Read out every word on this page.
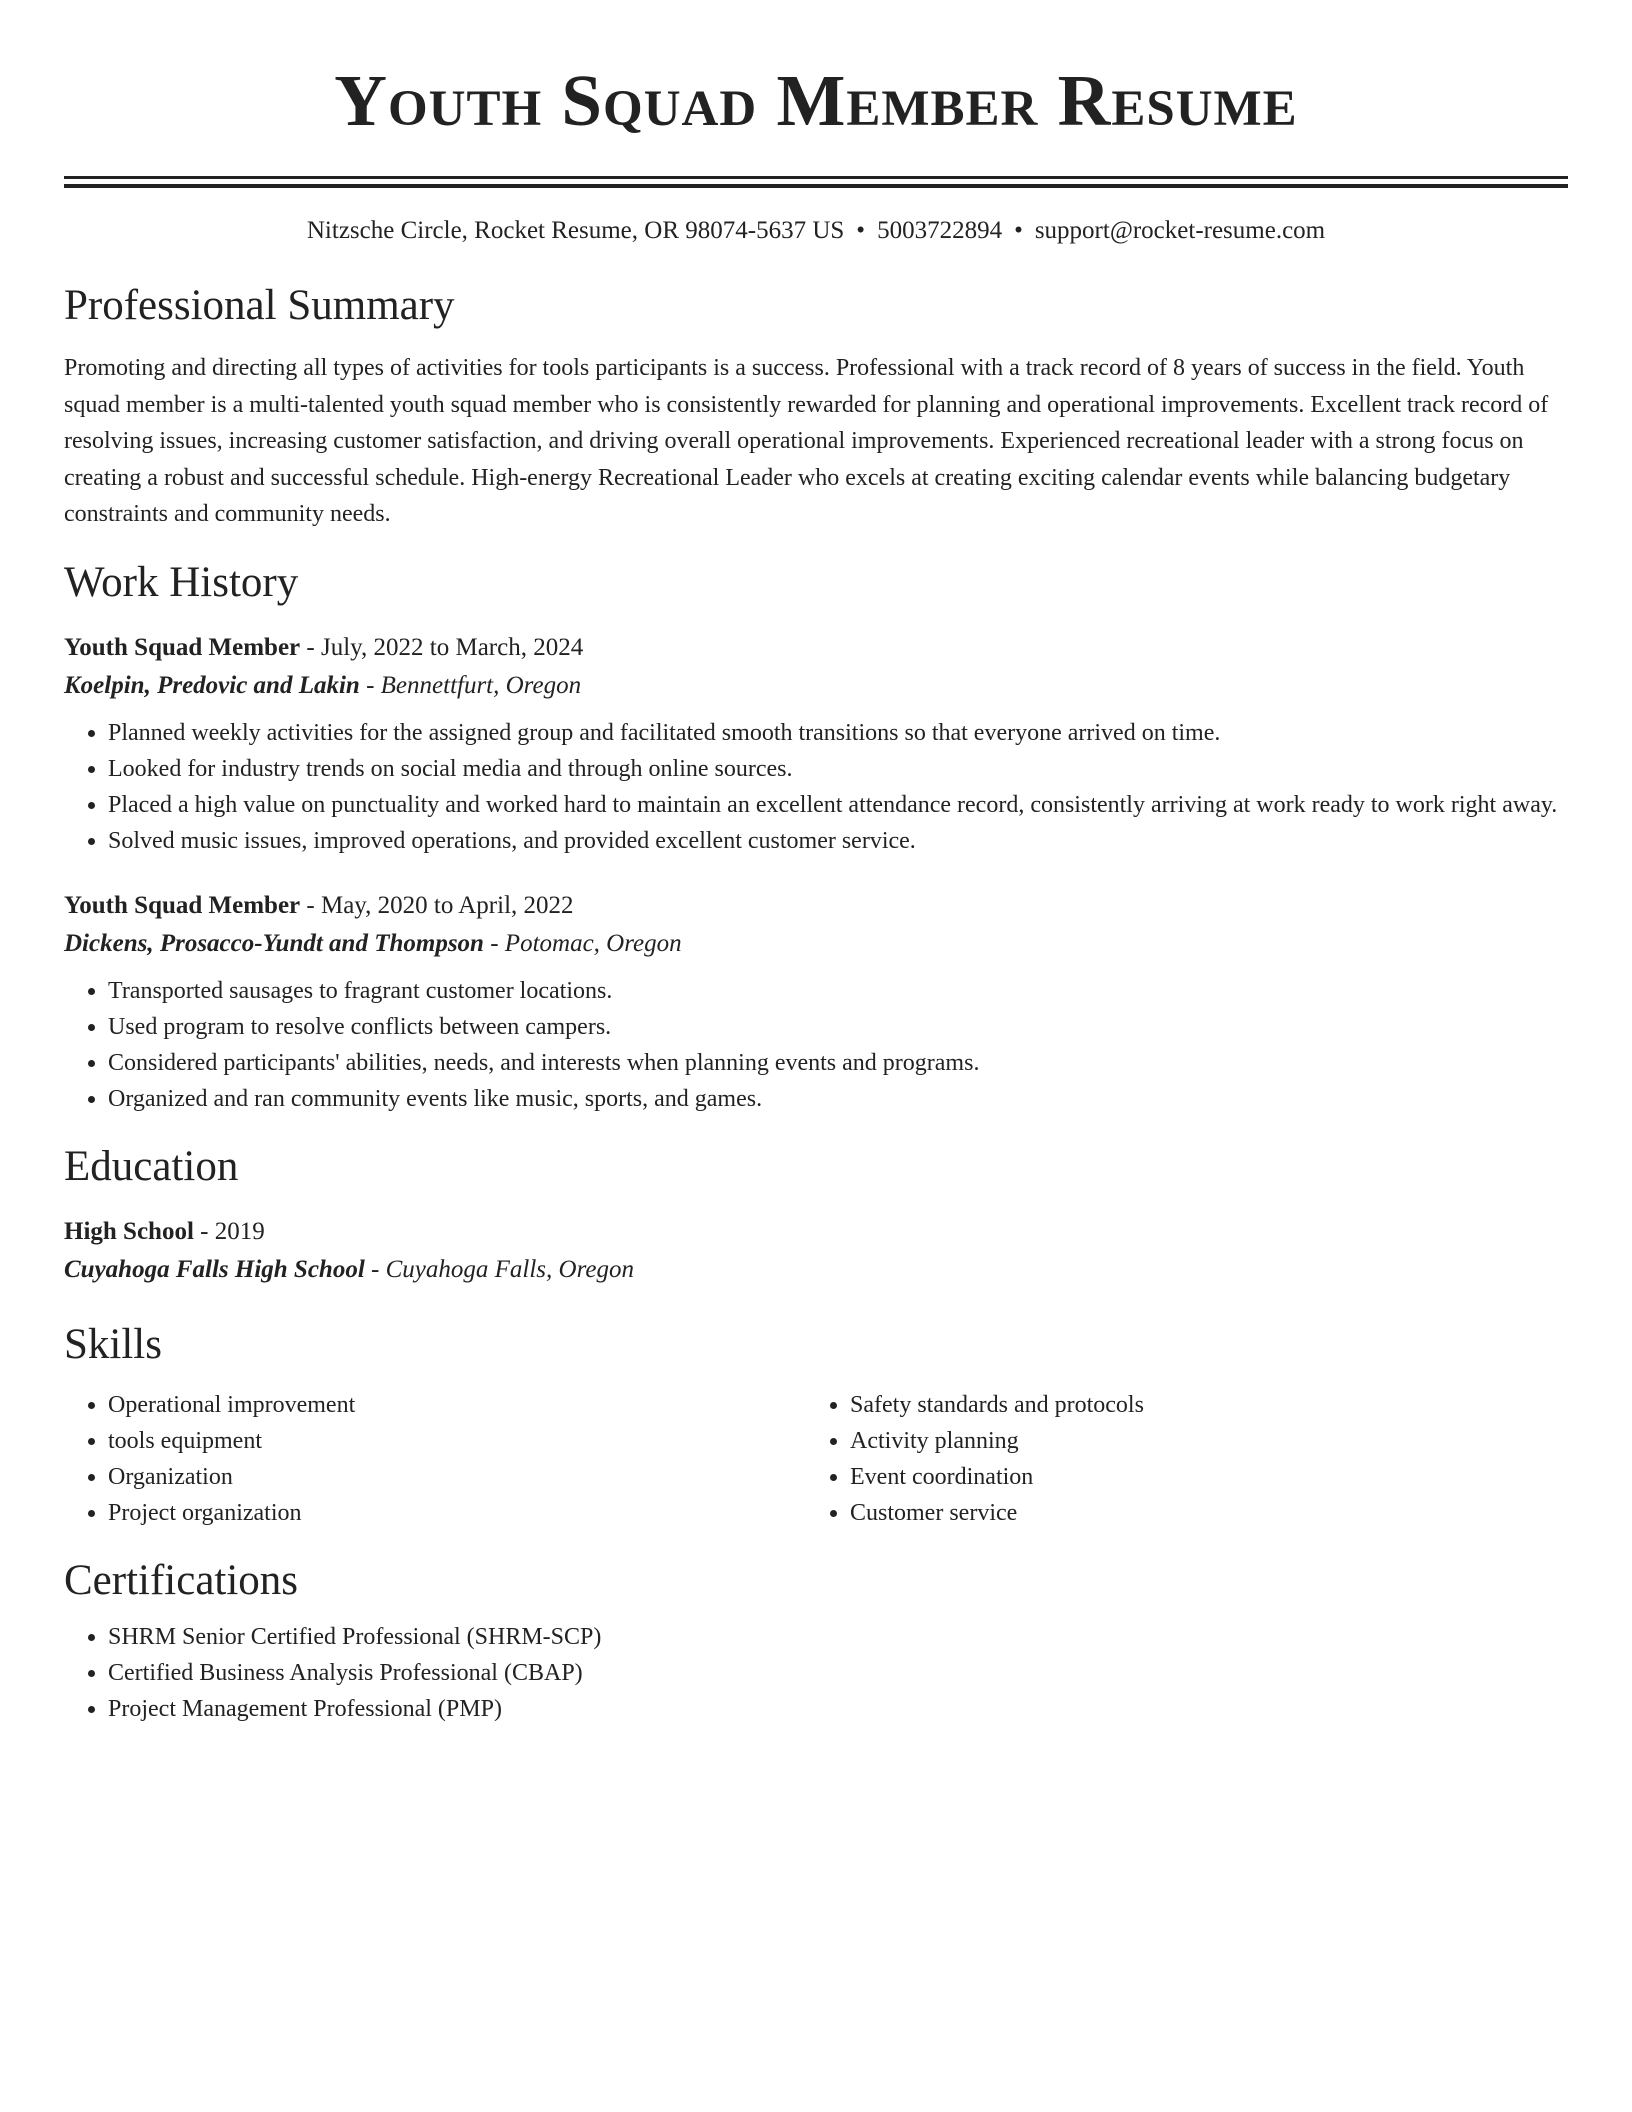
Youth Squad Member Resume
Nitzsche Circle, Rocket Resume, OR 98074-5637 US • 5003722894 • support@rocket-resume.com
Professional Summary

Promoting and directing all types of activities for tools participants is a success. Professional with a track record of 8 years of success in the field. Youth squad member is a multi-talented youth squad member who is consistently rewarded for planning and operational improvements. Excellent track record of resolving issues, increasing customer satisfaction, and driving overall operational improvements. Experienced recreational leader with a strong focus on creating a robust and successful schedule. High-energy Recreational Leader who excels at creating exciting calendar events while balancing budgetary constraints and community needs.

Work History
Youth Squad Member - July, 2022 to March, 2024
Koelpin, Predovic and Lakin - Bennettfurt, Oregon
• Planned weekly activities for the assigned group and facilitated smooth transitions so that everyone arrived on time.
• Looked for industry trends on social media and through online sources.
• Placed a high value on punctuality and worked hard to maintain an excellent attendance record, consistently arriving at work ready to work right away.
• Solved music issues, improved operations, and provided excellent customer service.
Youth Squad Member - May, 2020 to April, 2022
Dickens, Prosacco-Yundt and Thompson - Potomac, Oregon
• Transported sausages to fragrant customer locations.
• Used program to resolve conflicts between campers.
• Considered participants' abilities, needs, and interests when planning events and programs.
• Organized and ran community events like music, sports, and games.
Education
High School - 2019
Cuyahoga Falls High School - Cuyahoga Falls, Oregon
Skills
• Operational improvement
• tools equipment
• Organization
• Project organization
• Safety standards and protocols
• Activity planning
• Event coordination
• Customer service
Certifications
• SHRM Senior Certified Professional (SHRM-SCP)
• Certified Business Analysis Professional (CBAP)
• Project Management Professional (PMP)
